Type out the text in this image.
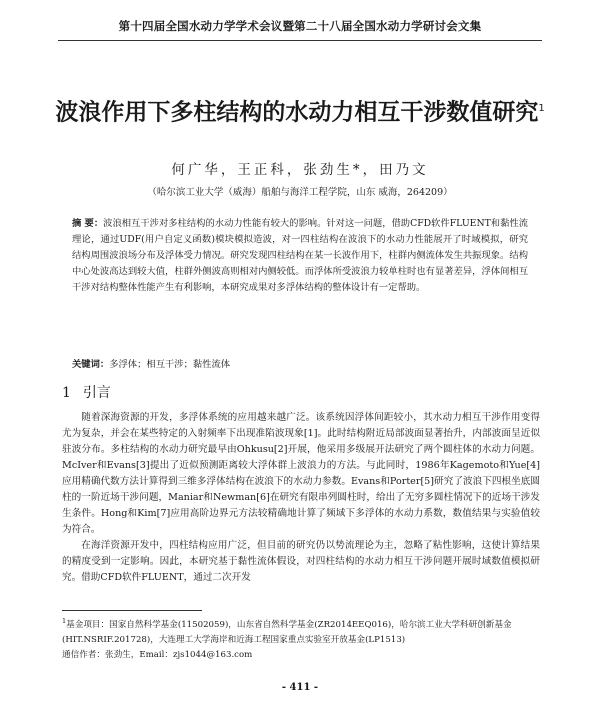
第十四届全国水动力学学术会议暨第二十八届全国水动力学研讨会文集
波浪作用下多柱结构的水动力相互干涉数值研究$^1$
何广华，王正科，张劲生*，田乃文
（哈尔滨工业大学（威海）船舶与海洋工程学院，山东 威海，264209）
摘 要：波浪相互干涉对多柱结构的水动力性能有较大的影响。针对这一问题，借助CFD软件FLUENT和黏性流理论，通过UDF(用户自定义函数)模块模拟造波，对一四柱结构在波浪下的水动力性能展开了时域模拟，研究结构周围波浪场分布及浮体受力情况。研究发现四柱结构在某一长波作用下，柱群内侧流体发生共振现象。结构中心处波高达到较大值，柱群外侧波高则相对内侧较低。而浮体所受波浪力较单柱时也有显著差异，浮体间相互干涉对结构整体性能产生有利影响，本研究成果对多浮体结构的整体设计有一定帮助。
关键词：多浮体；相互干涉；黏性流体
1 引言

随着深海资源的开发，多浮体系统的应用越来越广泛。该系统因浮体间距较小，其水动力相互干涉作用变得尤为复杂，并会在某些特定的入射频率下出现准陷波现象[1]。此时结构附近局部波面显著抬升，内部波面呈近似驻波分布。多柱结构的水动力研究最早由Ohkusu[2]开展，他采用多级展开法研究了两个圆柱体的水动力问题。McIver和Evans[3]提出了近似预测距离较大浮体群上波浪力的方法。与此同时，1986年Kagemoto和Yue[4]应用精确代数方法计算得到三维多浮体结构在波浪下的水动力参数。Evans和Porter[5]研究了波浪下四根坐底圆柱的一阶近场干涉问题，Maniar和Newman[6]在研究有限串列圆柱时，给出了无穷多圆柱情况下的近场干涉发生条件。Hong和Kim[7]应用高阶边界元方法较精确地计算了频域下多浮体的水动力系数，数值结果与实验值较为符合。

在海洋资源开发中，四柱结构应用广泛，但目前的研究仍以势流理论为主，忽略了粘性影响，这使计算结果的精度受到一定影响。因此，本研究基于黏性流体假设，对四柱结构的水动力相互干涉问题开展时域数值模拟研究。借助CFD软件FLUENT，通过二次开发

$^1$基金项目：国家自然科学基金(11502059)，山东省自然科学基金(ZR2014EEQ016)，哈尔滨工业大学科研创新基金(HIT.NSRIF.201728)，大连理工大学海岸和近海工程国家重点实验室开放基金(LP1513)

通信作者：张劲生，Email：zjs1044@163.com

- 411 -
